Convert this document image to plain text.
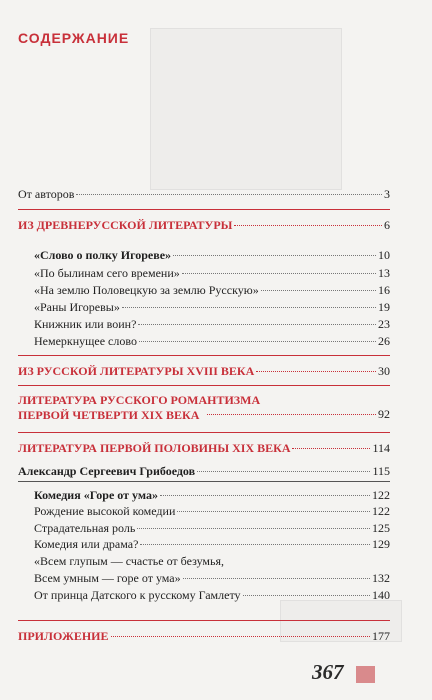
СОДЕРЖАНИЕ
От авторов	3
ИЗ ДРЕВНЕРУССКОЙ ЛИТЕРАТУРЫ	6
«Слово о полку Игореве»	10
«По былинам сего времени»	13
«На землю Половецкую за землю Русскую»	16
«Раны Игоревы»	19
Книжник или воин?	23
Немеркнущее слово	26
ИЗ РУССКОЙ ЛИТЕРАТУРЫ XVIII ВЕКА	30
ЛИТЕРАТУРА РУССКОГО РОМАНТИЗМА
ПЕРВОЙ ЧЕТВЕРТИ XIX ВЕКА	92
ЛИТЕРАТУРА ПЕРВОЙ ПОЛОВИНЫ XIX ВЕКА	114
Александр Сергеевич Грибоедов	115
Комедия «Горе от ума»	122
Рождение высокой комедии	122
Страдательная роль	125
Комедия или драма?	129
«Всем глупым — счастье от безумья,
Всем умным — горе от ума»	132
От принца Датского к русскому Гамлету	140
ПРИЛОЖЕНИЕ	177
367
